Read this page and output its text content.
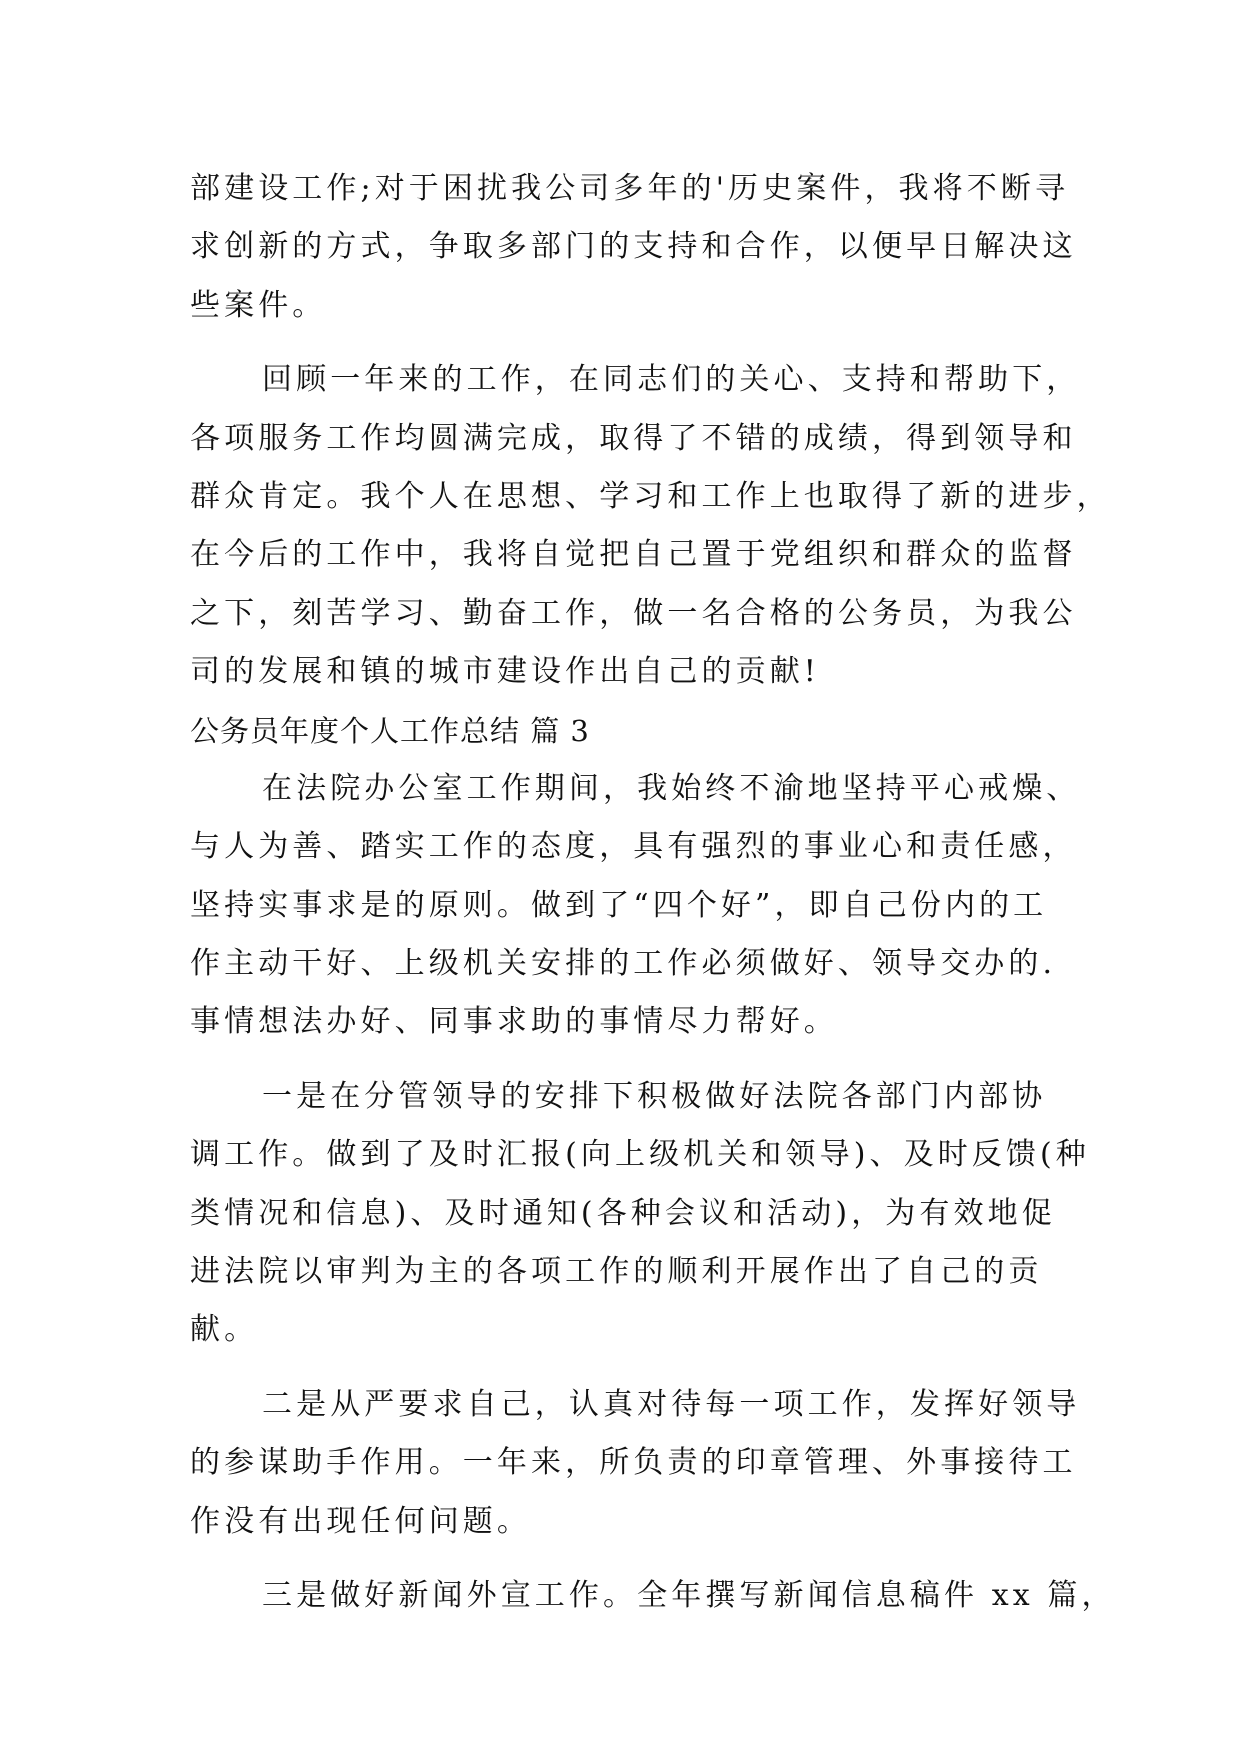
部建设工作;对于困扰我公司多年的'历史案件，我将不断寻
求创新的方式，争取多部门的支持和合作，以便早日解决这
些案件。
回顾一年来的工作，在同志们的关心、支持和帮助下，
各项服务工作均圆满完成，取得了不错的成绩，得到领导和
群众肯定。我个人在思想、学习和工作上也取得了新的进步，
在今后的工作中，我将自觉把自己置于党组织和群众的监督
之下，刻苦学习、勤奋工作，做一名合格的公务员，为我公
司的发展和镇的城市建设作出自己的贡献!
公务员年度个人工作总结 篇 3
在法院办公室工作期间，我始终不渝地坚持平心戒燥、
与人为善、踏实工作的态度，具有强烈的事业心和责任感，
坚持实事求是的原则。做到了“四个好”，即自己份内的工
作主动干好、上级机关安排的工作必须做好、领导交办的.
事情想法办好、同事求助的事情尽力帮好。
一是在分管领导的安排下积极做好法院各部门内部协
调工作。做到了及时汇报(向上级机关和领导)、及时反馈(种
类情况和信息)、及时通知(各种会议和活动)，为有效地促
进法院以审判为主的各项工作的顺利开展作出了自己的贡
献。
二是从严要求自己，认真对待每一项工作，发挥好领导
的参谋助手作用。一年来，所负责的印章管理、外事接待工
作没有出现任何问题。
三是做好新闻外宣工作。全年撰写新闻信息稿件 xx 篇，
